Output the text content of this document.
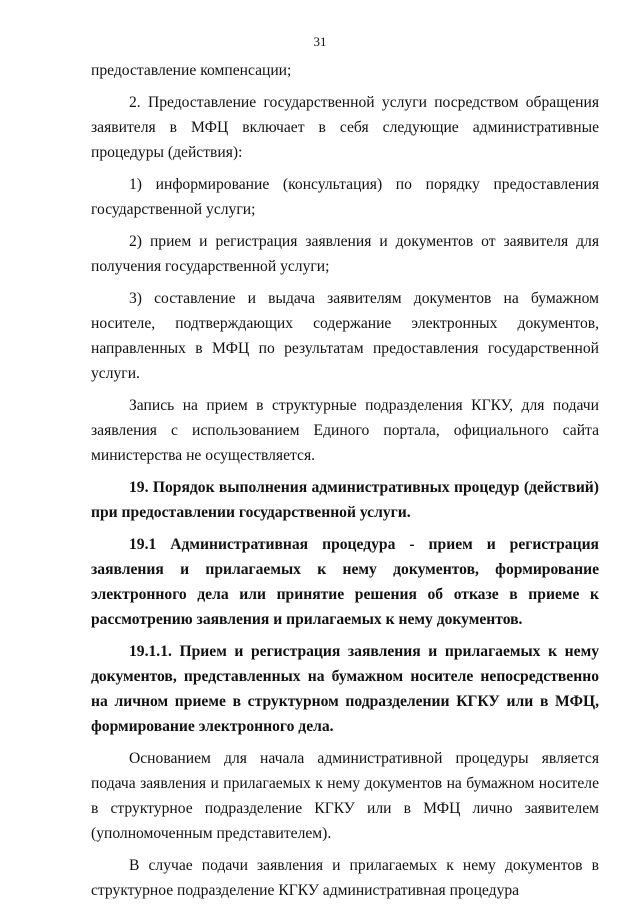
31

предоставление компенсации;

2. Предоставление государственной услуги посредством обращения заявителя в МФЦ включает в себя следующие административные процедуры (действия):

1) информирование (консультация) по порядку предоставления государственной услуги;

2) прием и регистрация заявления и документов от заявителя для получения государственной услуги;

3) составление и выдача заявителям документов на бумажном носителе, подтверждающих содержание электронных документов, направленных в МФЦ по результатам предоставления государственной услуги.

Запись на прием в структурные подразделения КГКУ, для подачи заявления с использованием Единого портала, официального сайта министерства не осуществляется.

19. Порядок выполнения административных процедур (действий) при предоставлении государственной услуги.

19.1 Административная процедура - прием и регистрация заявления и прилагаемых к нему документов, формирование электронного дела или принятие решения об отказе в приеме к рассмотрению заявления и прилагаемых к нему документов.

19.1.1. Прием и регистрация заявления и прилагаемых к нему документов, представленных на бумажном носителе непосредственно на личном приеме в структурном подразделении КГКУ или в МФЦ, формирование электронного дела.

Основанием для начала административной процедуры является подача заявления и прилагаемых к нему документов на бумажном носителе в структурное подразделение КГКУ или в МФЦ лично заявителем (уполномоченным представителем).

В случае подачи заявления и прилагаемых к нему документов в структурное подразделение КГКУ административная процедура
